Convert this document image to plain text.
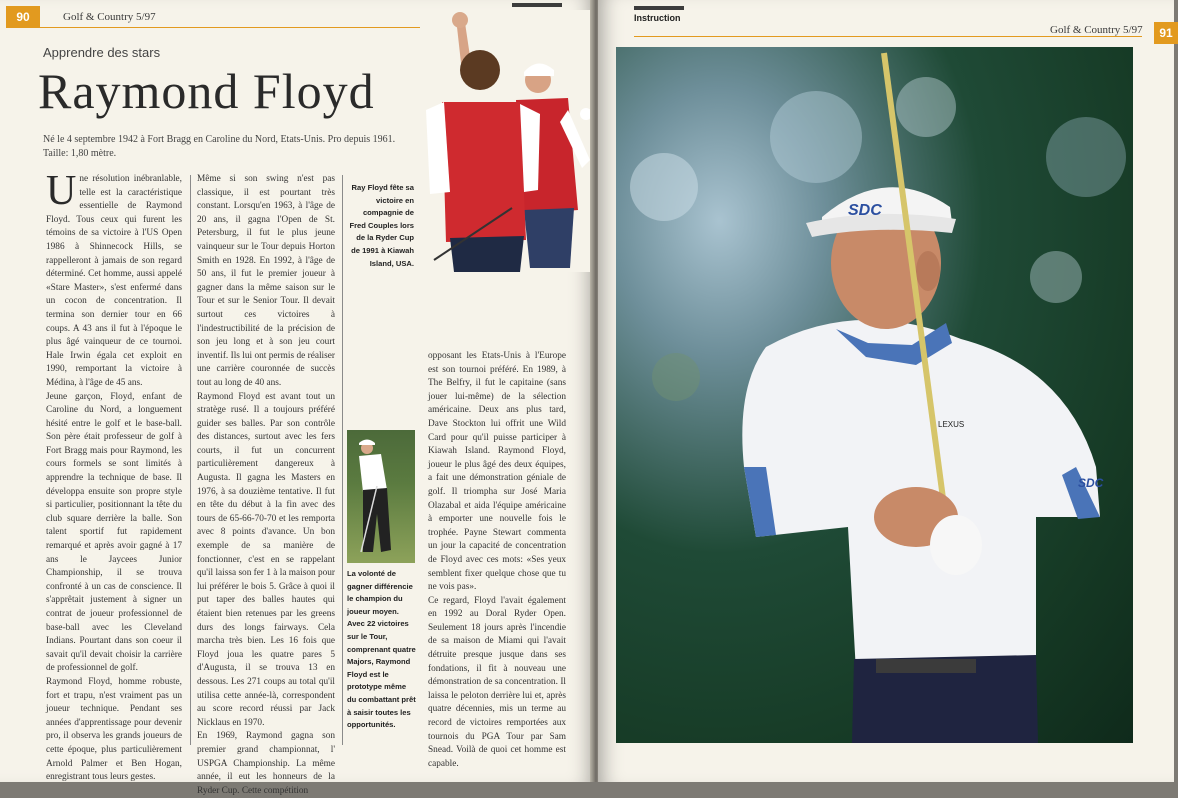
90	Golf & Country 5/97
Apprendre des stars
Raymond Floyd
Né le 4 septembre 1942 à Fort Bragg en Caroline du Nord, Etats-Unis. Pro depuis 1961. Taille: 1,80 mètre.
Ray Floyd fête sa victoire en compagnie de Fred Couples lors de la Ryder Cup de 1991 à Kiawah Island, USA.

Une résolution inébranlable, telle est la caractéristique essentielle de Raymond Floyd. Tous ceux qui furent les témoins de sa victoire à l'US Open 1986 à Shinnecock Hills, se rappelleront à jamais de son regard déterminé. Cet homme, aussi appelé «Stare Master», s'est enfermé dans un cocon de concentration. Il termina son dernier tour en 66 coups. A 43 ans il fut à l'époque le plus âgé vainqueur de ce tournoi. Hale Irwin égala cet exploit en 1990, remportant la victoire à Médina, à l'âge de 45 ans.

Jeune garçon, Floyd, enfant de Caroline du Nord, a longuement hésité entre le golf et le base-ball. Son père était professeur de golf à Fort Bragg mais pour Raymond, les cours formels se sont limités à apprendre la technique de base. Il développa ensuite son propre style si particulier, positionnant la tête du club square derrière la balle. Son talent sportif fut rapidement remarqué et après avoir gagné à 17 ans le Jaycees Junior Championship, il se trouva confronté à un cas de conscience. Il s'apprêtait justement à signer un contrat de joueur professionnel de base-ball avec les Cleveland Indians. Pourtant dans son coeur il savait qu'il devait choisir la carrière de professionnel de golf.

Raymond Floyd, homme robuste, fort et trapu, n'est vraiment pas un joueur technique. Pendant ses années d'apprentissage pour devenir pro, il observa les grands joueurs de cette époque, plus particulièrement Arnold Palmer et Ben Hogan, enregistrant tous leurs gestes.

Même si son swing n'est pas classique, il est pourtant très constant. Lorsqu'en 1963, à l'âge de 20 ans, il gagna l'Open de St. Petersburg, il fut le plus jeune vainqueur sur le Tour depuis Horton Smith en 1928. En 1992, à l'âge de 50 ans, il fut le premier joueur à gagner dans la même saison sur le Tour et sur le Senior Tour. Il devait surtout ces victoires à l'indestructibilité de la précision de son jeu long et à son jeu court inventif. Ils lui ont permis de réaliser une carrière couronnée de succès tout au long de 40 ans.

Raymond Floyd est avant tout un stratège rusé. Il a toujours préféré guider ses balles. Par son contrôle des distances, surtout avec les fers courts, il fut un concurrent particulièrement dangereux à Augusta. Il gagna les Masters en 1976, à sa douzième tentative. Il fut en tête du début à la fin avec des tours de 65-66-70-70 et les remporta avec 8 points d'avance. Un bon exemple de sa manière de fonctionner, c'est en se rappelant qu'il laissa son fer 1 à la maison pour lui préférer le bois 5. Grâce à quoi il put taper des balles hautes qui étaient bien retenues par les greens durs des longs fairways. Cela marcha très bien. Les 16 fois que Floyd joua les quatre pares 5 d'Augusta, il se trouva 13 en dessous. Les 271 coups au total qu'il utilisa cette année-là, correspondent au score record réussi par Jack Nicklaus en 1970.

En 1969, Raymond gagna son premier grand championnat, l' USPGA Championship. La même année, il eut les honneurs de la Ryder Cup. Cette compétition

La volonté de gagner différencie le champion du joueur moyen. Avec 22 victoires sur le Tour, comprenant quatre Majors, Raymond Floyd est le prototype même du combattant prêt à saisir toutes les opportunités.
Instruction
Golf & Country 5/97	91
SDC
LEXUS
SDC

opposant les Etats-Unis à l'Europe est son tournoi préféré. En 1989, à The Belfry, il fut le capitaine (sans jouer lui-même) de la sélection américaine. Deux ans plus tard, Dave Stockton lui offrit une Wild Card pour qu'il puisse participer à Kiawah Island. Raymond Floyd, joueur le plus âgé des deux équipes, a fait une démonstration géniale de golf. Il triompha sur José Maria Olazabal et aida l'équipe américaine à emporter une nouvelle fois le trophée. Payne Stewart commenta un jour la capacité de concentration de Floyd avec ces mots: «Ses yeux semblent fixer quelque chose que tu ne vois pas».

Ce regard, Floyd l'avait également en 1992 au Doral Ryder Open. Seulement 18 jours après l'incendie de sa maison de Miami qui l'avait détruite presque jusque dans ses fondations, il fit à nouveau une démonstration de sa concentration. Il laissa le peloton derrière lui et, après quatre décennies, mis un terme au record de victoires remportées aux tournois du PGA Tour par Sam Snead. Voilà de quoi cet homme est capable.
